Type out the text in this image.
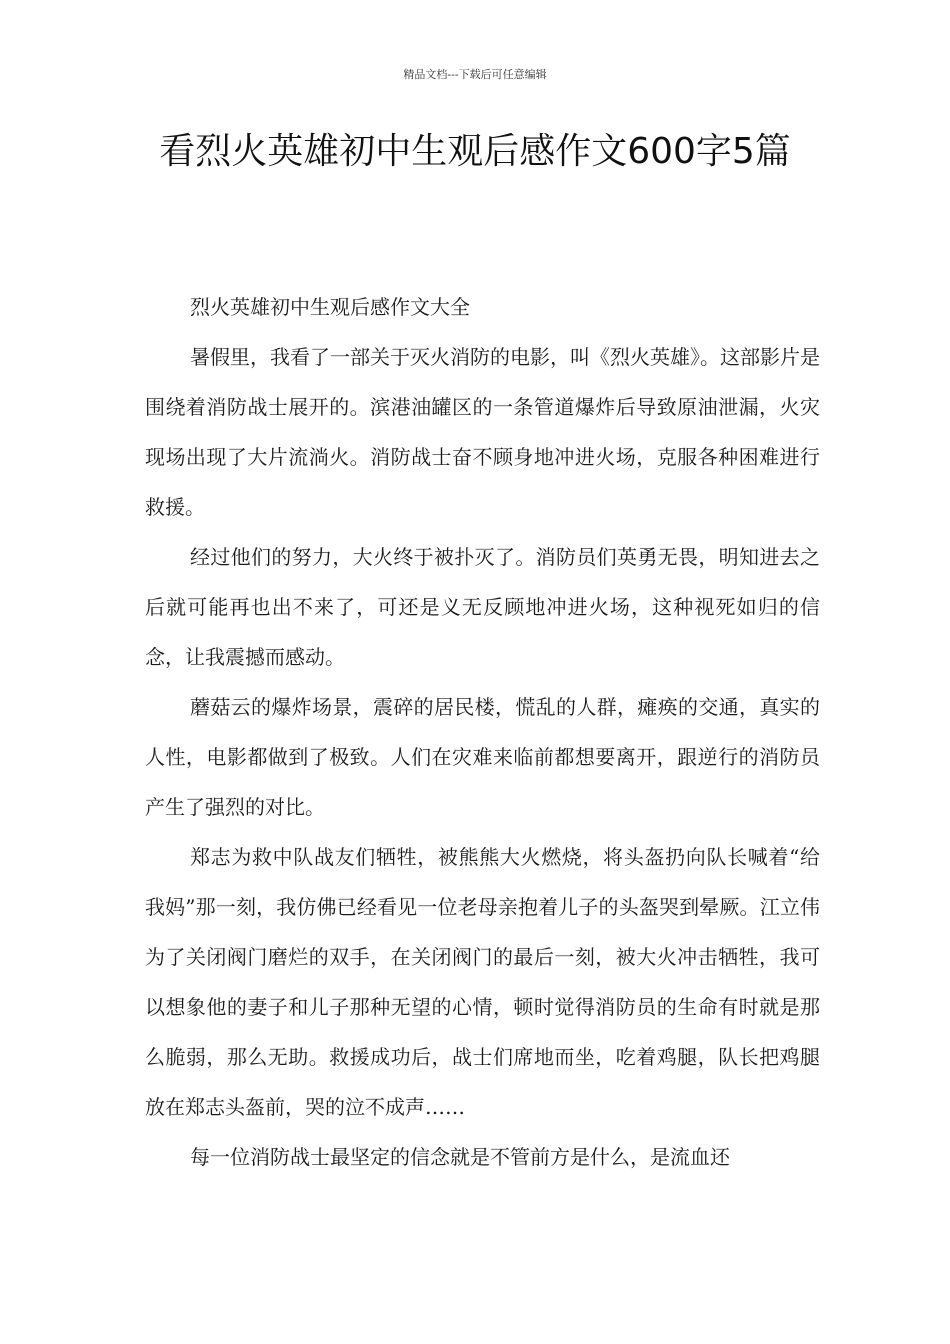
精品文档---下载后可任意编辑
看烈火英雄初中生观后感作文600字5篇

烈火英雄初中生观后感作文大全

暑假里，我看了一部关于灭火消防的电影，叫《烈火英雄》。这部影片是围绕着消防战士展开的。滨港油罐区的一条管道爆炸后导致原油泄漏，火灾现场出现了大片流淌火。消防战士奋不顾身地冲进火场，克服各种困难进行救援。

经过他们的努力，大火终于被扑灭了。消防员们英勇无畏，明知进去之后就可能再也出不来了，可还是义无反顾地冲进火场，这种视死如归的信念，让我震撼而感动。

蘑菇云的爆炸场景，震碎的居民楼，慌乱的人群，瘫痪的交通，真实的人性，电影都做到了极致。人们在灾难来临前都想要离开，跟逆行的消防员产生了强烈的对比。

郑志为救中队战友们牺牲，被熊熊大火燃烧，将头盔扔向队长喊着“给我妈”那一刻，我仿佛已经看见一位老母亲抱着儿子的头盔哭到晕厥。江立伟为了关闭阀门磨烂的双手，在关闭阀门的最后一刻，被大火冲击牺牲，我可以想象他的妻子和儿子那种无望的心情，顿时觉得消防员的生命有时就是那么脆弱，那么无助。救援成功后，战士们席地而坐，吃着鸡腿，队长把鸡腿放在郑志头盔前，哭的泣不成声……

每一位消防战士最坚定的信念就是不管前方是什么，是流血还
